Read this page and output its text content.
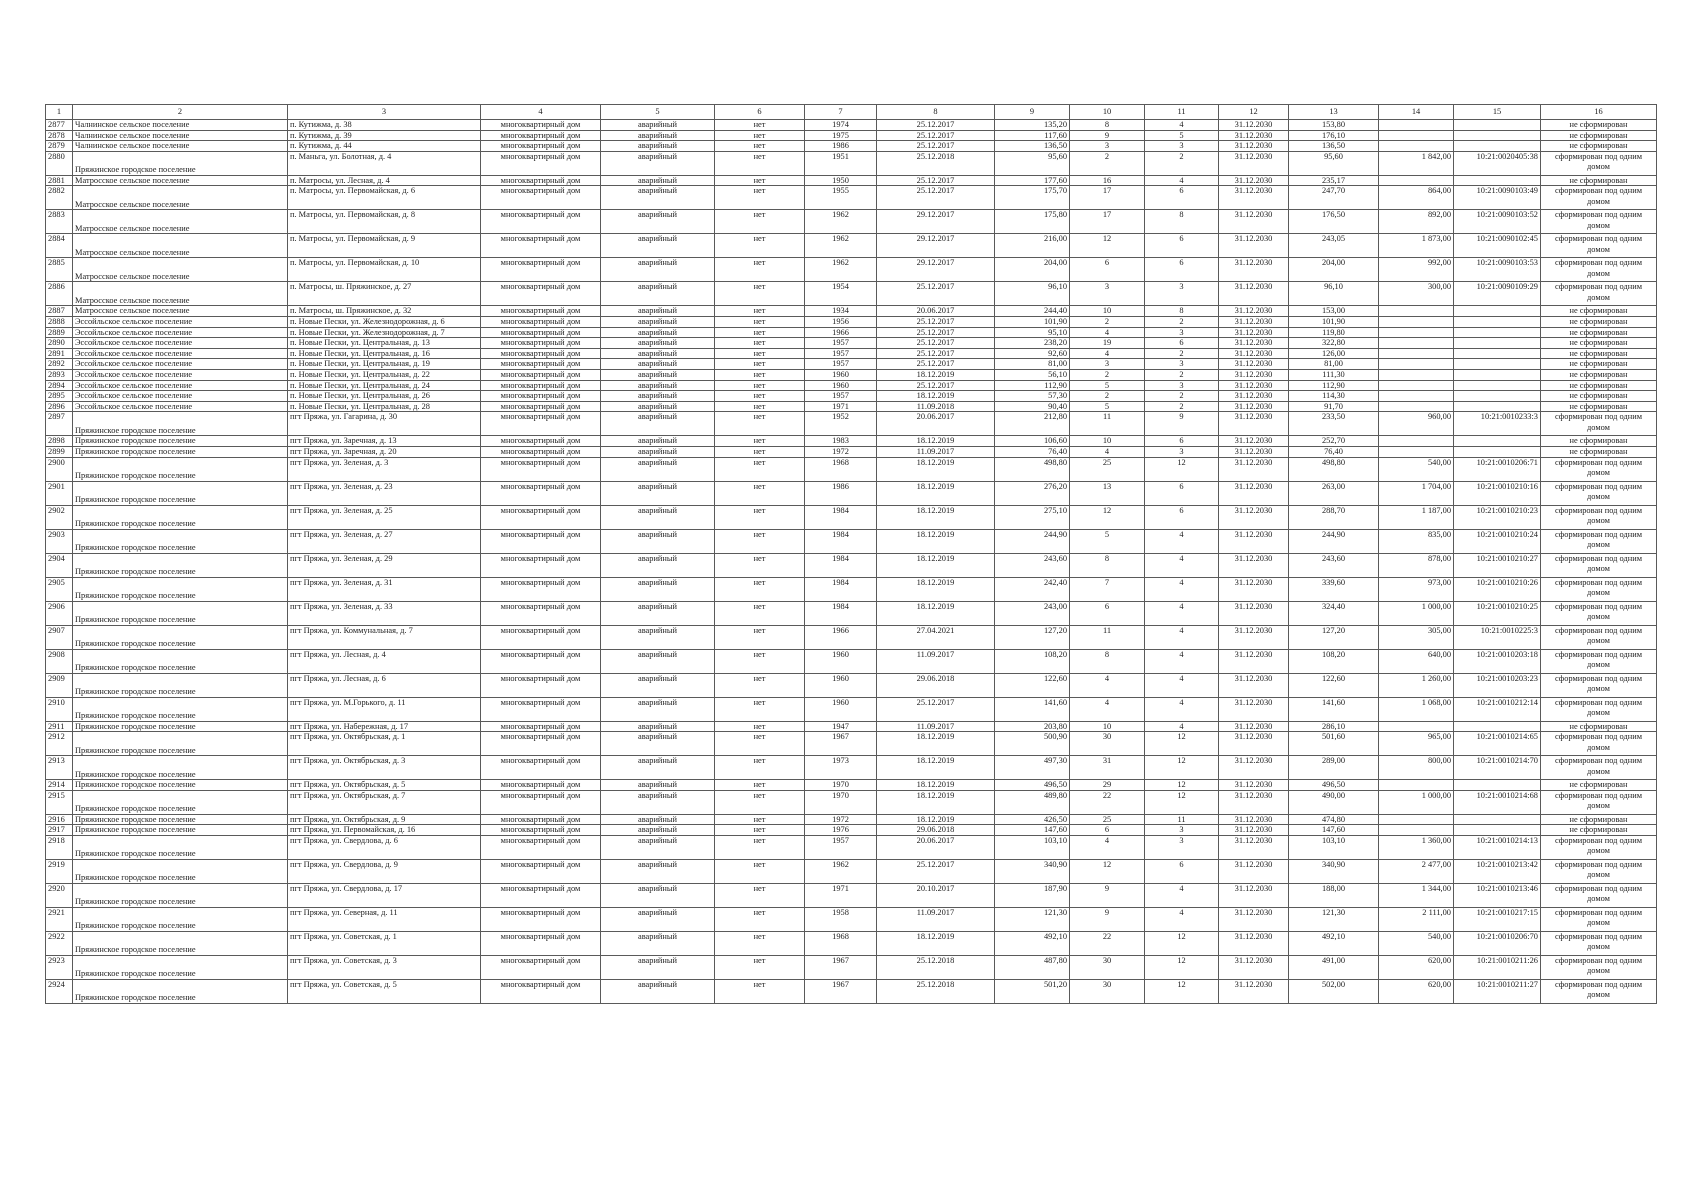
1	2	3	4	5	6	7	8	9	10	11	12	13	14	15	16
2877	Чалнинское сельское поселение	п. Кутижма, д. 38	многоквартирный дом	аварийный	нет	1974	25.12.2017	135,20	8	4	31.12.2030	153,80			не сформирован
2878	Чалнинское сельское поселение	п. Кутижма, д. 39	многоквартирный дом	аварийный	нет	1975	25.12.2017	117,60	9	5	31.12.2030	176,10			не сформирован
2879	Чалнинское сельское поселение	п. Кутижма, д. 44	многоквартирный дом	аварийный	нет	1986	25.12.2017	136,50	3	3	31.12.2030	136,50			не сформирован
2880	Пряжинское городское поселение	п. Маньга, ул. Болотная, д. 4	многоквартирный дом	аварийный	нет	1951	25.12.2018	95,60	2	2	31.12.2030	95,60	1 842,00	10:21:0020405:38	сформирован под одним домом
2881	Матросское сельское поселение	п. Матросы, ул. Лесная, д. 4	многоквартирный дом	аварийный	нет	1950	25.12.2017	177,60	16	4	31.12.2030	235,17			не сформирован
2882	Матросское сельское поселение	п. Матросы, ул. Первомайская, д. 6	многоквартирный дом	аварийный	нет	1955	25.12.2017	175,70	17	6	31.12.2030	247,70	864,00	10:21:0090103:49	сформирован под одним домом
2883	Матросское сельское поселение	п. Матросы, ул. Первомайская, д. 8	многоквартирный дом	аварийный	нет	1962	29.12.2017	175,80	17	8	31.12.2030	176,50	892,00	10:21:0090103:52	сформирован под одним домом
2884	Матросское сельское поселение	п. Матросы, ул. Первомайская, д. 9	многоквартирный дом	аварийный	нет	1962	29.12.2017	216,00	12	6	31.12.2030	243,05	1 873,00	10:21:0090102:45	сформирован под одним домом
2885	Матросское сельское поселение	п. Матросы, ул. Первомайская, д. 10	многоквартирный дом	аварийный	нет	1962	29.12.2017	204,00	6	6	31.12.2030	204,00	992,00	10:21:0090103:53	сформирован под одним домом
2886	Матросское сельское поселение	п. Матросы, ш. Пряжинское, д. 27	многоквартирный дом	аварийный	нет	1954	25.12.2017	96,10	3	3	31.12.2030	96,10	300,00	10:21:0090109:29	сформирован под одним домом
2887	Матросское сельское поселение	п. Матросы, ш. Пряжинское, д. 32	многоквартирный дом	аварийный	нет	1934	20.06.2017	244,40	10	8	31.12.2030	153,00			не сформирован
2888	Эссойльское сельское поселение	п. Новые Пески, ул. Железнодорожная, д. 6	многоквартирный дом	аварийный	нет	1956	25.12.2017	101,90	2	2	31.12.2030	101,90			не сформирован
2889	Эссойльское сельское поселение	п. Новые Пески, ул. Железнодорожная, д. 7	многоквартирный дом	аварийный	нет	1966	25.12.2017	95,10	4	3	31.12.2030	119,80			не сформирован
2890	Эссойльское сельское поселение	п. Новые Пески, ул. Центральная, д. 13	многоквартирный дом	аварийный	нет	1957	25.12.2017	238,20	19	6	31.12.2030	322,80			не сформирован
2891	Эссойльское сельское поселение	п. Новые Пески, ул. Центральная, д. 16	многоквартирный дом	аварийный	нет	1957	25.12.2017	92,60	4	2	31.12.2030	126,00			не сформирован
2892	Эссойльское сельское поселение	п. Новые Пески, ул. Центральная, д. 19	многоквартирный дом	аварийный	нет	1957	25.12.2017	81,00	3	3	31.12.2030	81,00			не сформирован
2893	Эссойльское сельское поселение	п. Новые Пески, ул. Центральная, д. 22	многоквартирный дом	аварийный	нет	1960	18.12.2019	56,10	2	2	31.12.2030	111,30			не сформирован
2894	Эссойльское сельское поселение	п. Новые Пески, ул. Центральная, д. 24	многоквартирный дом	аварийный	нет	1960	25.12.2017	112,90	5	3	31.12.2030	112,90			не сформирован
2895	Эссойльское сельское поселение	п. Новые Пески, ул. Центральная, д. 26	многоквартирный дом	аварийный	нет	1957	18.12.2019	57,30	2	2	31.12.2030	114,30			не сформирован
2896	Эссойльское сельское поселение	п. Новые Пески, ул. Центральная, д. 28	многоквартирный дом	аварийный	нет	1971	11.09.2018	90,40	5	2	31.12.2030	91,70			не сформирован
2897	Пряжинское городское поселение	пгт Пряжа, ул. Гагарина, д. 30	многоквартирный дом	аварийный	нет	1952	20.06.2017	212,80	11	9	31.12.2030	233,50	960,00	10:21:0010233:3	сформирован под одним домом
2898	Пряжинское городское поселение	пгт Пряжа, ул. Заречная, д. 13	многоквартирный дом	аварийный	нет	1983	18.12.2019	106,60	10	6	31.12.2030	252,70			не сформирован
2899	Пряжинское городское поселение	пгт Пряжа, ул. Заречная, д. 20	многоквартирный дом	аварийный	нет	1972	11.09.2017	76,40	4	3	31.12.2030	76,40			не сформирован
2900	Пряжинское городское поселение	пгт Пряжа, ул. Зеленая, д. 3	многоквартирный дом	аварийный	нет	1968	18.12.2019	498,80	25	12	31.12.2030	498,80	540,00	10:21:0010206:71	сформирован под одним домом
2901	Пряжинское городское поселение	пгт Пряжа, ул. Зеленая, д. 23	многоквартирный дом	аварийный	нет	1986	18.12.2019	276,20	13	6	31.12.2030	263,00	1 704,00	10:21:0010210:16	сформирован под одним домом
2902	Пряжинское городское поселение	пгт Пряжа, ул. Зеленая, д. 25	многоквартирный дом	аварийный	нет	1984	18.12.2019	275,10	12	6	31.12.2030	288,70	1 187,00	10:21:0010210:23	сформирован под одним домом
2903	Пряжинское городское поселение	пгт Пряжа, ул. Зеленая, д. 27	многоквартирный дом	аварийный	нет	1984	18.12.2019	244,90	5	4	31.12.2030	244,90	835,00	10:21:0010210:24	сформирован под одним домом
2904	Пряжинское городское поселение	пгт Пряжа, ул. Зеленая, д. 29	многоквартирный дом	аварийный	нет	1984	18.12.2019	243,60	8	4	31.12.2030	243,60	878,00	10:21:0010210:27	сформирован под одним домом
2905	Пряжинское городское поселение	пгт Пряжа, ул. Зеленая, д. 31	многоквартирный дом	аварийный	нет	1984	18.12.2019	242,40	7	4	31.12.2030	339,60	973,00	10:21:0010210:26	сформирован под одним домом
2906	Пряжинское городское поселение	пгт Пряжа, ул. Зеленая, д. 33	многоквартирный дом	аварийный	нет	1984	18.12.2019	243,00	6	4	31.12.2030	324,40	1 000,00	10:21:0010210:25	сформирован под одним домом
2907	Пряжинское городское поселение	пгт Пряжа, ул. Коммунальная, д. 7	многоквартирный дом	аварийный	нет	1966	27.04.2021	127,20	11	4	31.12.2030	127,20	305,00	10:21:0010225:3	сформирован под одним домом
2908	Пряжинское городское поселение	пгт Пряжа, ул. Лесная, д. 4	многоквартирный дом	аварийный	нет	1960	11.09.2017	108,20	8	4	31.12.2030	108,20	640,00	10:21:0010203:18	сформирован под одним домом
2909	Пряжинское городское поселение	пгт Пряжа, ул. Лесная, д. 6	многоквартирный дом	аварийный	нет	1960	29.06.2018	122,60	4	4	31.12.2030	122,60	1 260,00	10:21:0010203:23	сформирован под одним домом
2910	Пряжинское городское поселение	пгт Пряжа, ул. М.Горького, д. 11	многоквартирный дом	аварийный	нет	1960	25.12.2017	141,60	4	4	31.12.2030	141,60	1 068,00	10:21:0010212:14	сформирован под одним домом
2911	Пряжинское городское поселение	пгт Пряжа, ул. Набережная, д. 17	многоквартирный дом	аварийный	нет	1947	11.09.2017	203,80	10	4	31.12.2030	286,10			не сформирован
2912	Пряжинское городское поселение	пгт Пряжа, ул. Октябрьская, д. 1	многоквартирный дом	аварийный	нет	1967	18.12.2019	500,90	30	12	31.12.2030	501,60	965,00	10:21:0010214:65	сформирован под одним домом
2913	Пряжинское городское поселение	пгт Пряжа, ул. Октябрьская, д. 3	многоквартирный дом	аварийный	нет	1973	18.12.2019	497,30	31	12	31.12.2030	289,00	800,00	10:21:0010214:70	сформирован под одним домом
2914	Пряжинское городское поселение	пгт Пряжа, ул. Октябрьская, д. 5	многоквартирный дом	аварийный	нет	1970	18.12.2019	496,50	29	12	31.12.2030	496,50			не сформирован
2915	Пряжинское городское поселение	пгт Пряжа, ул. Октябрьская, д. 7	многоквартирный дом	аварийный	нет	1970	18.12.2019	489,80	22	12	31.12.2030	490,00	1 000,00	10:21:0010214:68	сформирован под одним домом
2916	Пряжинское городское поселение	пгт Пряжа, ул. Октябрьская, д. 9	многоквартирный дом	аварийный	нет	1972	18.12.2019	426,50	25	11	31.12.2030	474,80			не сформирован
2917	Пряжинское городское поселение	пгт Пряжа, ул. Первомайская, д. 16	многоквартирный дом	аварийный	нет	1976	29.06.2018	147,60	6	3	31.12.2030	147,60			не сформирован
2918	Пряжинское городское поселение	пгт Пряжа, ул. Свердлова, д. 6	многоквартирный дом	аварийный	нет	1957	20.06.2017	103,10	4	3	31.12.2030	103,10	1 360,00	10:21:0010214:13	сформирован под одним домом
2919	Пряжинское городское поселение	пгт Пряжа, ул. Свердлова, д. 9	многоквартирный дом	аварийный	нет	1962	25.12.2017	340,90	12	6	31.12.2030	340,90	2 477,00	10:21:0010213:42	сформирован под одним домом
2920	Пряжинское городское поселение	пгт Пряжа, ул. Свердлова, д. 17	многоквартирный дом	аварийный	нет	1971	20.10.2017	187,90	9	4	31.12.2030	188,00	1 344,00	10:21:0010213:46	сформирован под одним домом
2921	Пряжинское городское поселение	пгт Пряжа, ул. Северная, д. 11	многоквартирный дом	аварийный	нет	1958	11.09.2017	121,30	9	4	31.12.2030	121,30	2 111,00	10:21:0010217:15	сформирован под одним домом
2922	Пряжинское городское поселение	пгт Пряжа, ул. Советская, д. 1	многоквартирный дом	аварийный	нет	1968	18.12.2019	492,10	22	12	31.12.2030	492,10	540,00	10:21:0010206:70	сформирован под одним домом
2923	Пряжинское городское поселение	пгт Пряжа, ул. Советская, д. 3	многоквартирный дом	аварийный	нет	1967	25.12.2018	487,80	30	12	31.12.2030	491,00	620,00	10:21:0010211:26	сформирован под одним домом
2924	Пряжинское городское поселение	пгт Пряжа, ул. Советская, д. 5	многоквартирный дом	аварийный	нет	1967	25.12.2018	501,20	30	12	31.12.2030	502,00	620,00	10:21:0010211:27	сформирован под одним домом
